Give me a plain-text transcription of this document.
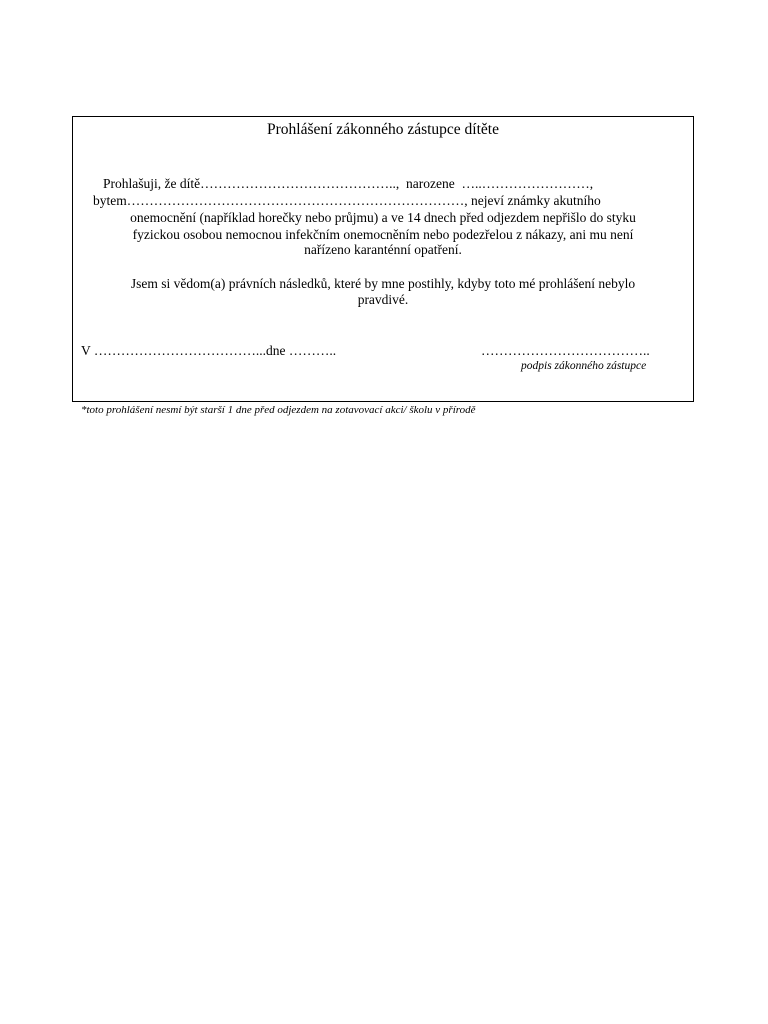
Prohlášení zákonného zástupce dítěte
Prohlašuji, že dítě……………………………………..,  narozene  …..……………………,
bytem…………………………………………………………………, nejeví známky akutního
onemocnění (například horečky nebo průjmu) a ve 14 dnech před odjezdem nepřišlo do styku
fyzickou osobou nemocnou infekčním onemocněním nebo podezřelou z nákazy, ani mu není
nařízeno karanténní opatření.
Jsem si vědom(a) právních následků, které by mne postihly, kdyby toto mé prohlášení nebylo
pravdivé.
V ………………………………...dne ………..	………………………………..
podpis zákonného zástupce
*toto prohlášení nesmí být starší 1 dne před odjezdem na zotavovací akci/ školu v přírodě
